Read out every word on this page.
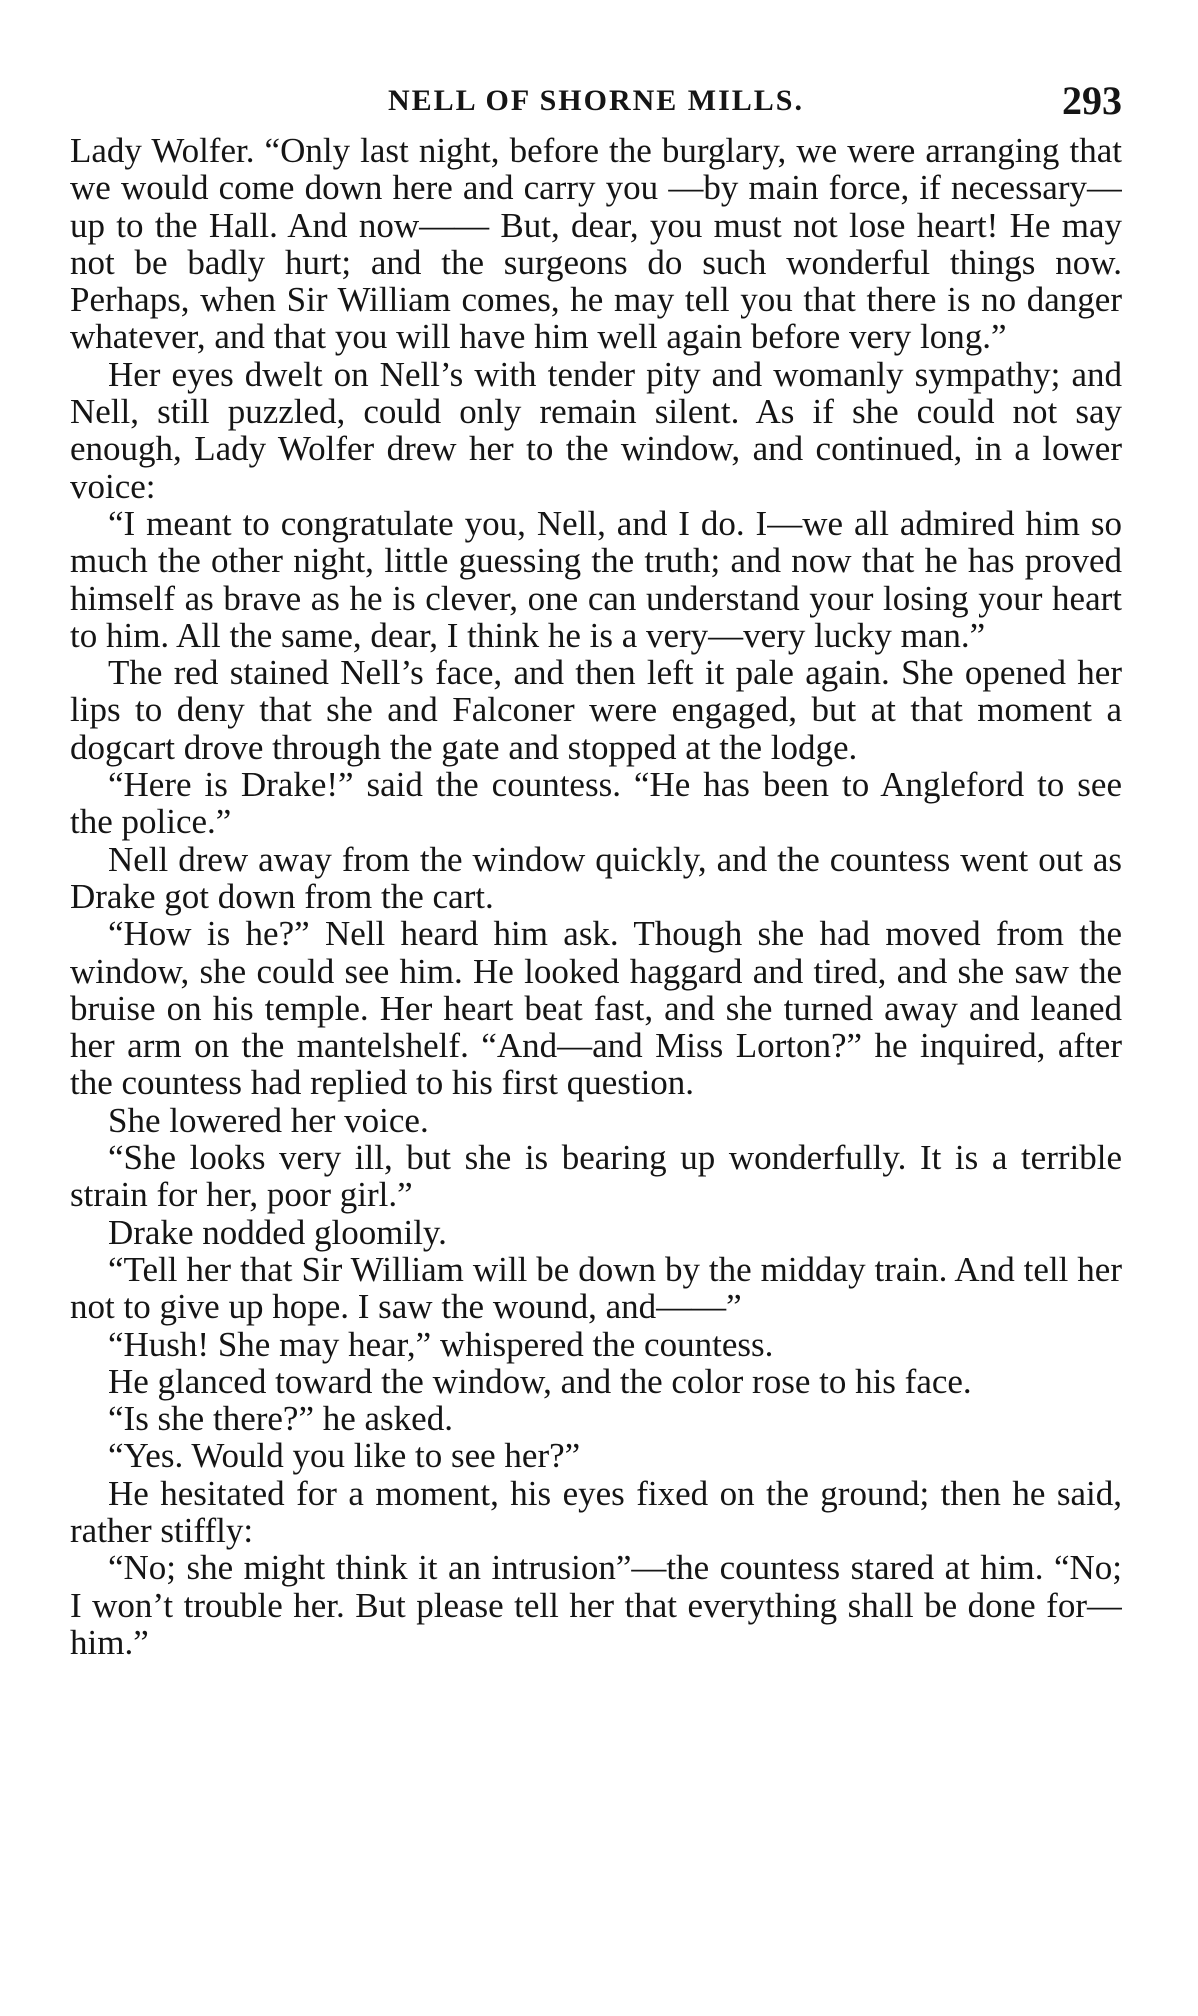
NELL OF SHORNE MILLS.	293

Lady Wolfer. “Only last night, before the burglary, we were arranging that we would come down here and carry you —by main force, if necessary—up to the Hall. And now—— But, dear, you must not lose heart! He may not be badly hurt; and the surgeons do such wonderful things now. Perhaps, when Sir William comes, he may tell you that there is no danger whatever, and that you will have him well again before very long.”

Her eyes dwelt on Nell’s with tender pity and womanly sympathy; and Nell, still puzzled, could only remain silent. As if she could not say enough, Lady Wolfer drew her to the window, and continued, in a lower voice:

“I meant to congratulate you, Nell, and I do. I—we all admired him so much the other night, little guessing the truth; and now that he has proved himself as brave as he is clever, one can understand your losing your heart to him. All the same, dear, I think he is a very—very lucky man.”

The red stained Nell’s face, and then left it pale again. She opened her lips to deny that she and Falconer were engaged, but at that moment a dogcart drove through the gate and stopped at the lodge.

“Here is Drake!” said the countess. “He has been to Angleford to see the police.”

Nell drew away from the window quickly, and the countess went out as Drake got down from the cart.

“How is he?” Nell heard him ask. Though she had moved from the window, she could see him. He looked haggard and tired, and she saw the bruise on his temple. Her heart beat fast, and she turned away and leaned her arm on the mantelshelf. “And—and Miss Lorton?” he inquired, after the countess had replied to his first question.

She lowered her voice.

“She looks very ill, but she is bearing up wonderfully. It is a terrible strain for her, poor girl.”

Drake nodded gloomily.

“Tell her that Sir William will be down by the midday train. And tell her not to give up hope. I saw the wound, and——”

“Hush! She may hear,” whispered the countess.

He glanced toward the window, and the color rose to his face.

“Is she there?” he asked.

“Yes. Would you like to see her?”

He hesitated for a moment, his eyes fixed on the ground; then he said, rather stiffly:

“No; she might think it an intrusion”—the countess stared at him. “No; I won’t trouble her. But please tell her that everything shall be done for—him.”
